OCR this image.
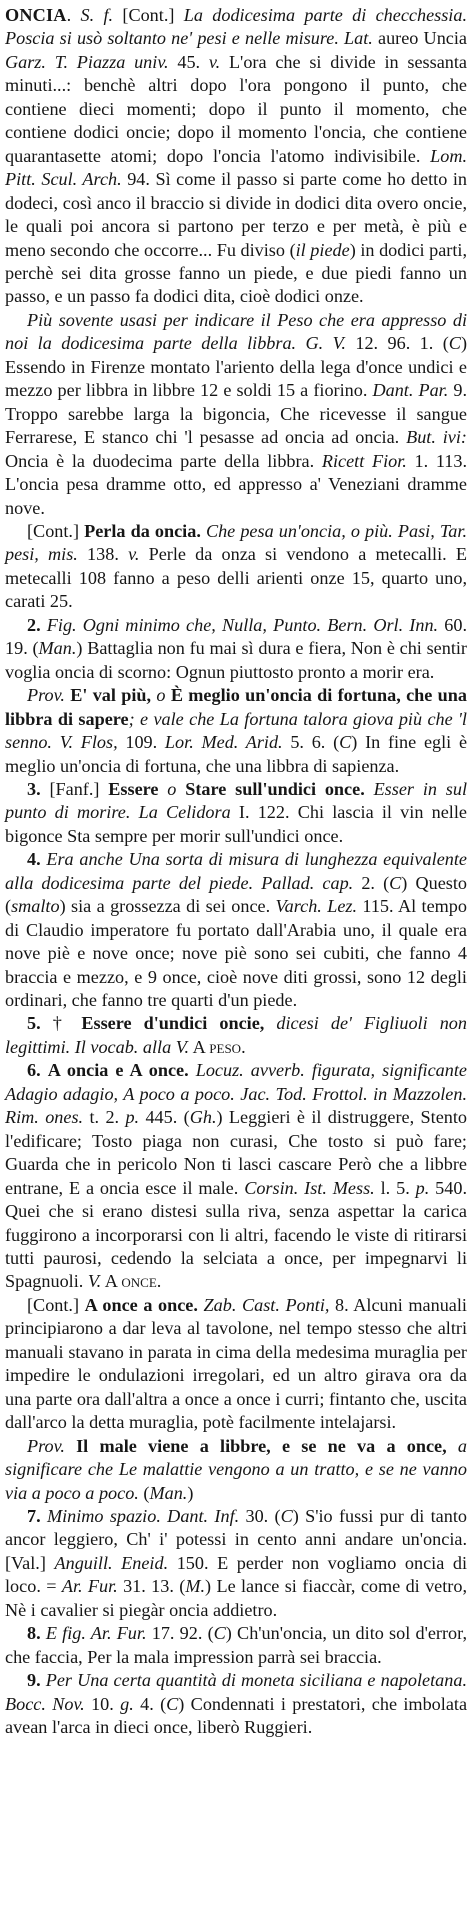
ONCIA. S. f. [Cont.] La dodicesima parte di checchessia. Poscia si usò soltanto ne' pesi e nelle misure. Lat. aureo Uncia Garz. T. Piazza univ. 45. v. L'ora che si divide in sessanta minuti...: benchè altri dopo l'ora pongono il punto, che contiene dieci momenti; dopo il punto il momento, che contiene dodici oncie; dopo il momento l'oncia, che contiene quarantasette atomi; dopo l'oncia l'atomo indivisibile. Lom. Pitt. Scul. Arch. 94. Sì come il passo si parte come ho detto in dodeci, così anco il braccio si divide in dodici dita overo oncie, le quali poi ancora si partono per terzo e per metà, è più e meno secondo che occorre... Fu diviso (il piede) in dodici parti, perchè sei dita grosse fanno un piede, e due piedi fanno un passo, e un passo fa dodici dita, cioè dodici onze.

Più sovente usasi per indicare il Peso che era appresso di noi la dodicesima parte della libbra. G. V. 12. 96. 1. (C) Essendo in Firenze montato l'ariento della lega d'once undici e mezzo per libbra in libbre 12 e soldi 15 a fiorino. Dant. Par. 9. Troppo sarebbe larga la bigoncia, Che ricevesse il sangue Ferrarese, E stanco chi 'l pesasse ad oncia ad oncia. But. ivi: Oncia è la duodecima parte della libbra. Ricett Fior. 1. 113. L'oncia pesa dramme otto, ed appresso a' Veneziani dramme nove.

[Cont.] Perla da oncia. Che pesa un'oncia, o più. Pasi, Tar. pesi, mis. 138. v. Perle da onza si vendono a metecalli. E metecalli 108 fanno a peso delli arienti onze 15, quarto uno, carati 25.

2. Fig. Ogni minimo che, Nulla, Punto. Bern. Orl. Inn. 60. 19. (Man.) Battaglia non fu mai sì dura e fiera, Non è chi sentir voglia oncia di scorno: Ognun piuttosto pronto a morir era.

Prov. E' val più, o È meglio un'oncia di fortuna, che una libbra di sapere; e vale che La fortuna talora giova più che 'l senno. V. Flos, 109. Lor. Med. Arid. 5. 6. (C) In fine egli è meglio un'oncia di fortuna, che una libbra di sapienza.

3. [Fanf.] Essere o Stare sull'undici once. Esser in sul punto di morire. La Celidora I. 122. Chi lascia il vin nelle bigonce Sta sempre per morir sull'undici once.

4. Era anche Una sorta di misura di lunghezza equivalente alla dodicesima parte del piede. Pallad. cap. 2. (C) Questo (smalto) sia a grossezza di sei once. Varch. Lez. 115. Al tempo di Claudio imperatore fu portato dall'Arabia uno, il quale era nove piè e nove once; nove piè sono sei cubiti, che fanno 4 braccia e mezzo, e 9 once, cioè nove diti grossi, sono 12 degli ordinari, che fanno tre quarti d'un piede.

5. † Essere d'undici oncie, dicesi de' Figliuoli non legittimi. Il vocab. alla V. A peso.

6. A oncia e A once. Locuz. avverb. figurata, significante Adagio adagio, A poco a poco. Jac. Tod. Frottol. in Mazzolen. Rim. ones. t. 2. p. 445. (Gh.) Leggieri è il distruggere, Stento l'edificare; Tosto piaga non curasi, Che tosto si può fare; Guarda che in pericolo Non ti lasci cascare Però che a libbre entrane, E a oncia esce il male. Corsin. Ist. Mess. l. 5. p. 540. Quei che si erano distesi sulla riva, senza aspettar la carica fuggirono a incorporarsi con li altri, facendo le viste di ritirarsi tutti paurosi, cedendo la selciata a once, per impegnarvi li Spagnuoli. V. A once.

[Cont.] A once a once. Zab. Cast. Ponti, 8. Alcuni manuali principiarono a dar leva al tavolone, nel tempo stesso che altri manuali stavano in parata in cima della medesima muraglia per impedire le ondulazioni irregolari, ed un altro girava ora da una parte ora dall'altra a once a once i curri; fintanto che, uscita dall'arco la detta muraglia, potè facilmente intelajarsi.

Prov. Il male viene a libbre, e se ne va a once, a significare che Le malattie vengono a un tratto, e se ne vanno via a poco a poco. (Man.)

7. Minimo spazio. Dant. Inf. 30. (C) S'io fussi pur di tanto ancor leggiero, Ch' i' potessi in cento anni andare un'oncia. [Val.] Anguill. Eneid. 150. E perder non vogliamo oncia di loco. = Ar. Fur. 31. 13. (M.) Le lance si fiaccàr, come di vetro, Nè i cavalier si piegàr oncia addietro.

8. E fig. Ar. Fur. 17. 92. (C) Ch'un'oncia, un dito sol d'error, che faccia, Per la mala impression parrà sei braccia.

9. Per Una certa quantità di moneta siciliana e napoletana. Bocc. Nov. 10. g. 4. (C) Condennati i prestatori, che imbolata avean l'arca in dieci once, liberò Ruggieri.
